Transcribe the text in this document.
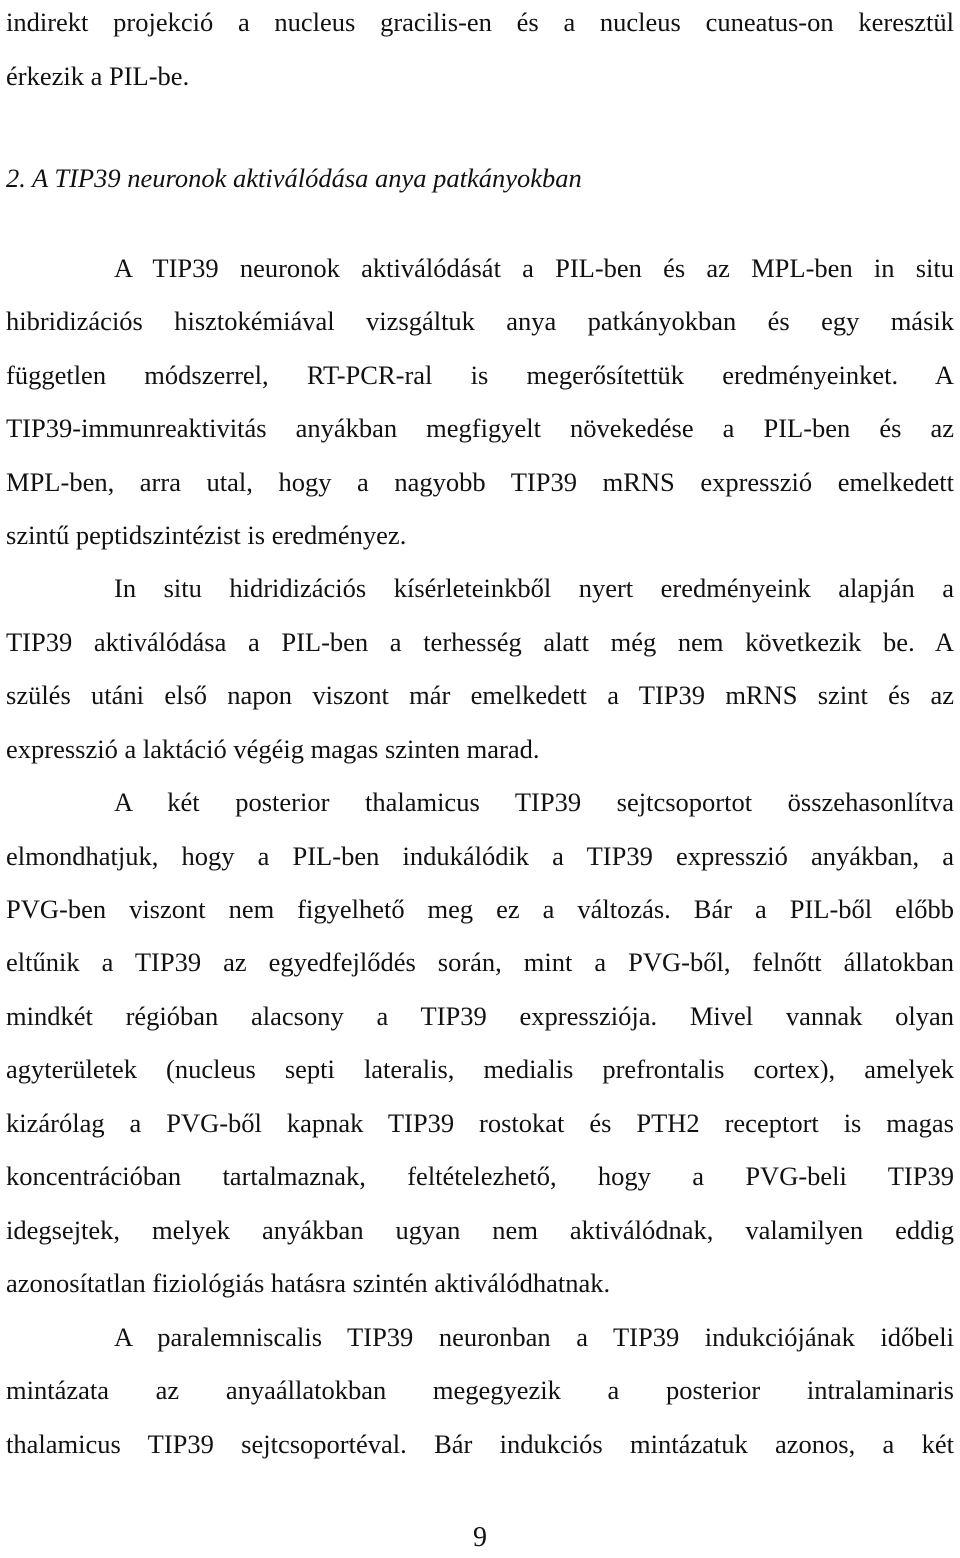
indirekt projekció a nucleus gracilis-en és a nucleus cuneatus-on keresztül
érkezik a PIL-be.
2. A TIP39 neuronok aktiválódása anya patkányokban
A TIP39 neuronok aktiválódását a PIL-ben és az MPL-ben in situ
hibridizációs hisztokémiával vizsgáltuk anya patkányokban és egy másik
független módszerrel, RT-PCR-ral is megerősítettük eredményeinket. A
TIP39-immunreaktivitás anyákban megfigyelt növekedése a PIL-ben és az
MPL-ben, arra utal, hogy a nagyobb TIP39 mRNS expresszió emelkedett
szintű peptidszintézist is eredményez.
In situ hidridizációs kísérleteinkből nyert eredményeink alapján a
TIP39 aktiválódása a PIL-ben a terhesség alatt még nem következik be. A
szülés utáni első napon viszont már emelkedett a TIP39 mRNS szint és az
expresszió a laktáció végéig magas szinten marad.
A két posterior thalamicus TIP39 sejtcsoportot összehasonlítva
elmondhatjuk, hogy a PIL-ben indukálódik a TIP39 expresszió anyákban, a
PVG-ben viszont nem figyelhető meg ez a változás. Bár a PIL-ből előbb
eltűnik a TIP39 az egyedfejlődés során, mint a PVG-ből, felnőtt állatokban
mindkét régióban alacsony a TIP39 expressziója. Mivel vannak olyan
agyterületek (nucleus septi lateralis, medialis prefrontalis cortex), amelyek
kizárólag a PVG-ből kapnak TIP39 rostokat és PTH2 receptort is magas
koncentrációban tartalmaznak, feltételezhető, hogy a PVG-beli TIP39
idegsejtek, melyek anyákban ugyan nem aktiválódnak, valamilyen eddig
azonosítatlan fiziológiás hatásra szintén aktiválódhatnak.
A paralemniscalis TIP39 neuronban a TIP39 indukciójának időbeli
mintázata az anyaállatokban megegyezik a posterior intralaminaris
thalamicus TIP39 sejtcsoportéval. Bár indukciós mintázatuk azonos, a két
9
